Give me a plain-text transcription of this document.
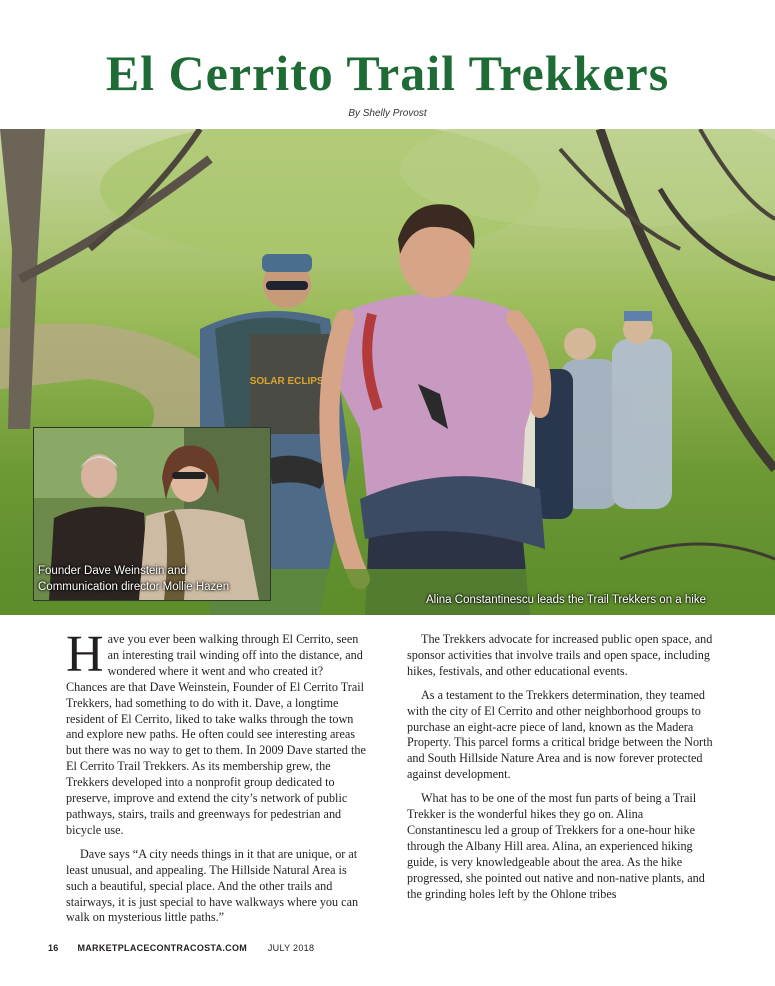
El Cerrito Trail Trekkers
By Shelly Provost
SOLAR ECLIPSE
Founder Dave Weinstein and
Communication director Mollie Hazen
Alina Constantinescu leads the Trail Trekkers on a hike

Have you ever been walking through El Cerrito, seen an interesting trail winding off into the distance, and wondered where it went and who created it? Chances are that Dave Weinstein, Founder of El Cerrito Trail Trekkers, had something to do with it. Dave, a longtime resident of El Cerrito, liked to take walks through the town and explore new paths. He often could see interesting areas but there was no way to get to them. In 2009 Dave started the El Cerrito Trail Trekkers. As its membership grew, the Trekkers developed into a nonprofit group dedicated to preserve, improve and extend the city’s network of public pathways, stairs, trails and greenways for pedestrian and bicycle use.

Dave says “A city needs things in it that are unique, or at least unusual, and appealing. The Hillside Natural Area is such a beautiful, special place. And the other trails and stairways, it is just special to have walkways where you can walk on mysterious little paths.”

The Trekkers advocate for increased public open space, and sponsor activities that involve trails and open space, including hikes, festivals, and other educational events.

As a testament to the Trekkers determination, they teamed with the city of El Cerrito and other neighborhood groups to purchase an eight-acre piece of land, known as the Madera Property. This parcel forms a critical bridge between the North and South Hillside Nature Area and is now forever protected against development.

What has to be one of the most fun parts of being a Trail Trekker is the wonderful hikes they go on. Alina Constantinescu led a group of Trekkers for a one-hour hike through the Albany Hill area. Alina, an experienced hiking guide, is very knowledgeable about the area. As the hike progressed, she pointed out native and non-native plants, and the grinding holes left by the Ohlone tribes

16 MARKETPLACECONTRACOSTA.COM JULY 2018
